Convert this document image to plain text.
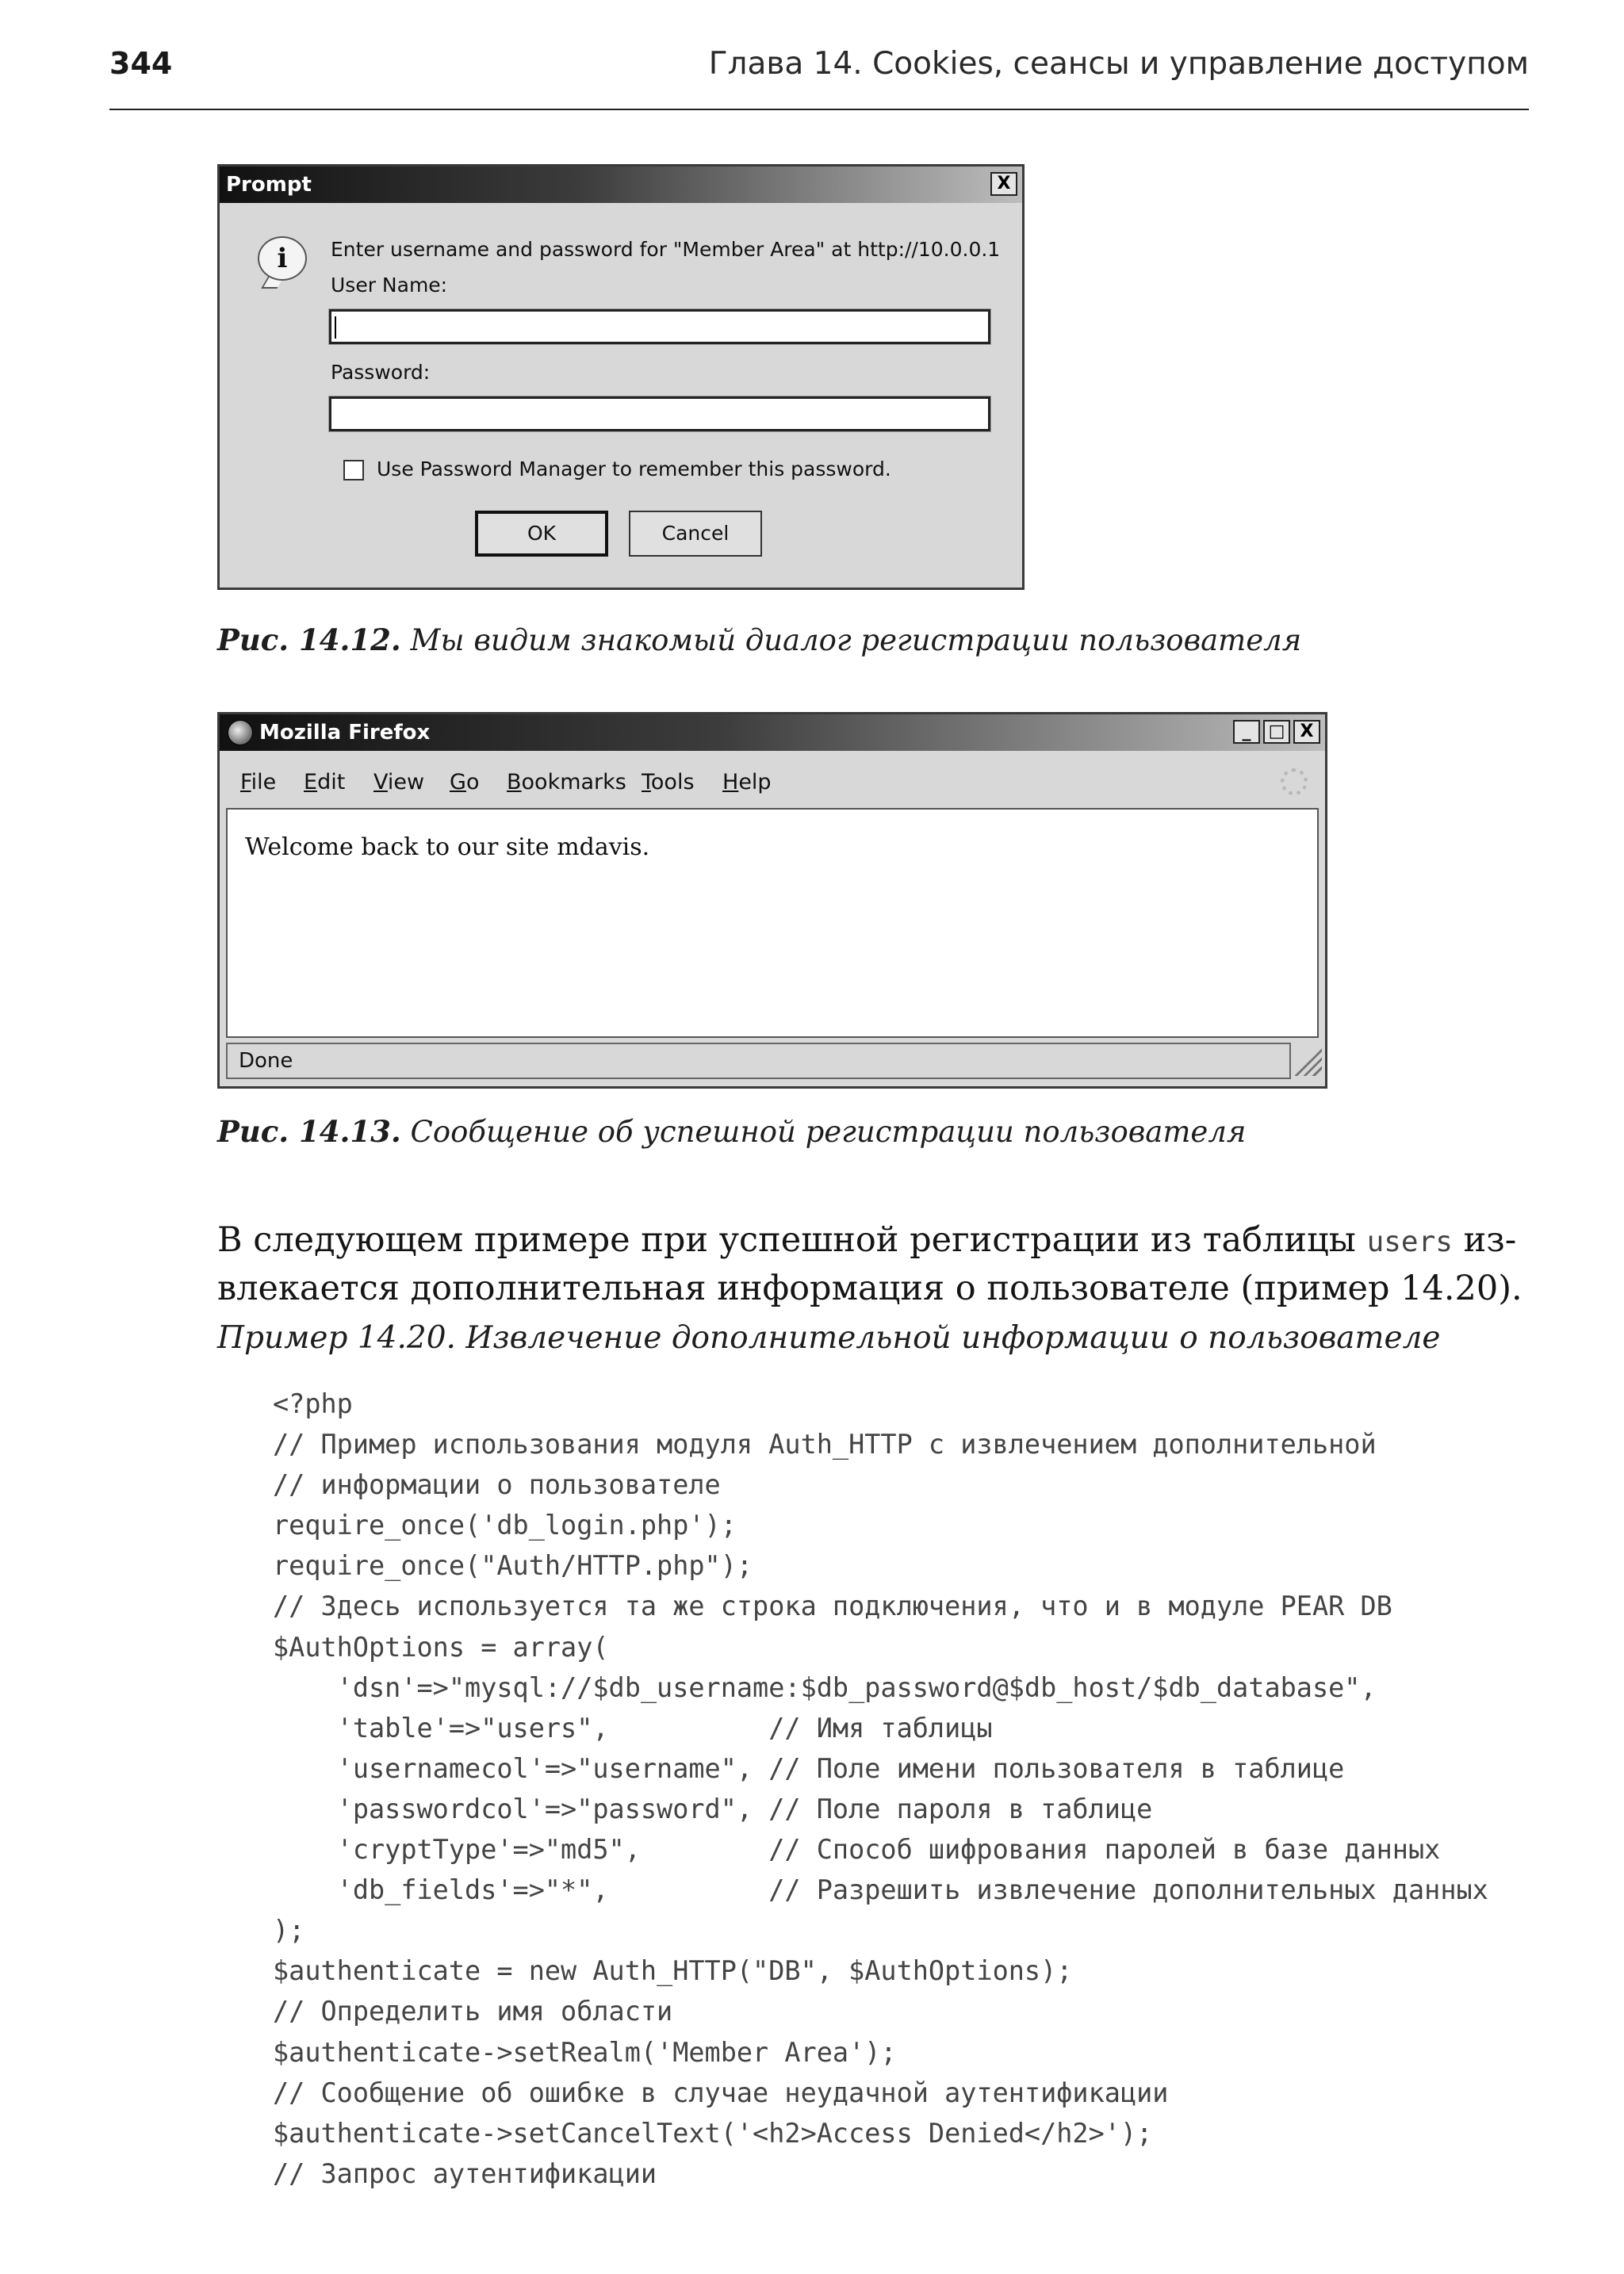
344	Глава 14. Cookies, сеансы и управление доступом
Prompt	X
i	Enter username and password for "Member Area" at http://10.0.0.1
User Name:
Password:
Use Password Manager to remember this password.
OK	Cancel
Рис. 14.12. Мы видим знакомый диалог регистрации пользователя
Mozilla Firefox	_	□ X
File Edit View Go Bookmarks Tools Help
Welcome back to our site mdavis.
Done
Рис. 14.13. Сообщение об успешной регистрации пользователя
В следующем примере при успешной регистрации из таблицы users из-
влекается дополнительная информация о пользователе (пример 14.20).
Пример 14.20. Извлечение дополнительной информации о пользователе
<?php
// Пример использования модуля Auth_HTTP с извлечением дополнительной
// информации о пользователе
require_once('db_login.php');
require_once("Auth/HTTP.php");
// Здесь используется та же строка подключения, что и в модуле PEAR DB
$AuthOptions = array(
'dsn'=>"mysql://$db_username:$db_password@$db_host/$db_database",
'table'=>"users",          // Имя таблицы
'usernamecol'=>"username", // Поле имени пользователя в таблице
'passwordcol'=>"password", // Поле пароля в таблице
'cryptType'=>"md5",        // Способ шифрования паролей в базе данных
'db_fields'=>"*",          // Разрешить извлечение дополнительных данных
);
$authenticate = new Auth_HTTP("DB", $AuthOptions);
// Определить имя области
$authenticate->setRealm('Member Area');
// Сообщение об ошибке в случае неудачной аутентификации
$authenticate->setCancelText('<h2>Access Denied</h2>');
// Запрос аутентификации
